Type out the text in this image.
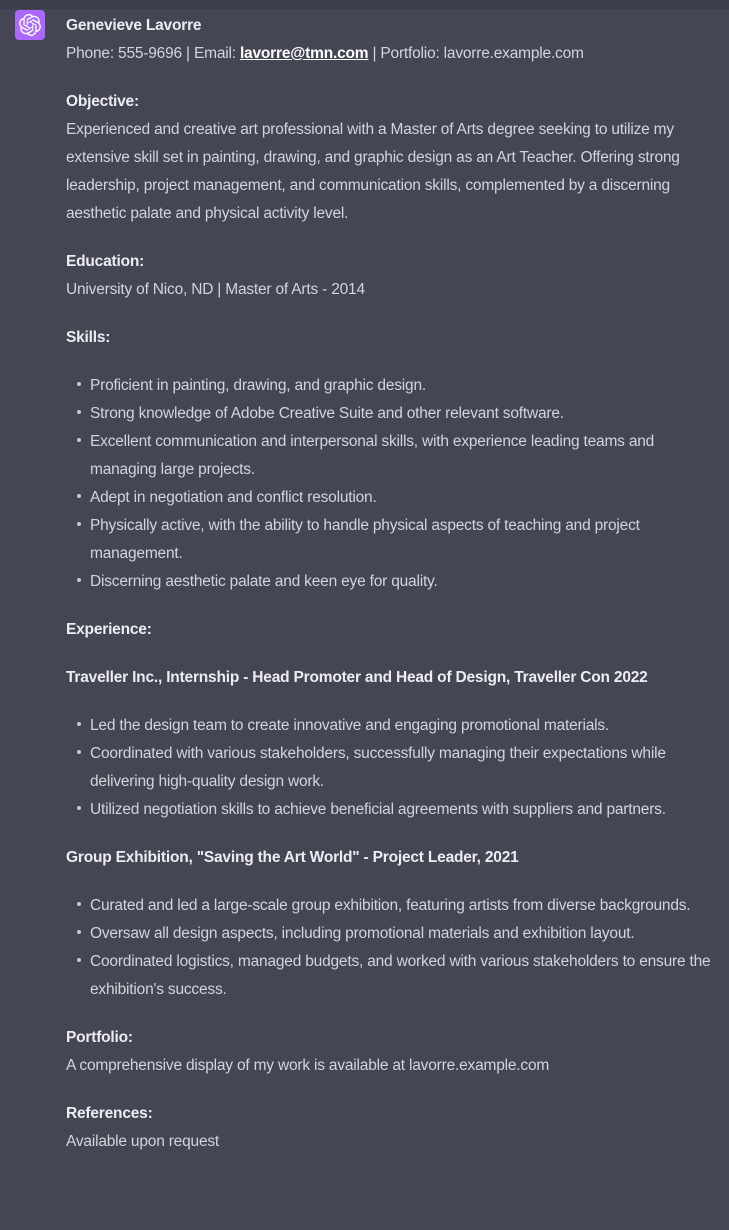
Genevieve Lavorre
Phone: 555-9696 | Email: lavorre@tmn.com | Portfolio: lavorre.example.com
Objective:
Experienced and creative art professional with a Master of Arts degree seeking to utilize my extensive skill set in painting, drawing, and graphic design as an Art Teacher. Offering strong leadership, project management, and communication skills, complemented by a discerning aesthetic palate and physical activity level.
Education:
University of Nico, ND | Master of Arts - 2014
Skills:
Proficient in painting, drawing, and graphic design.
Strong knowledge of Adobe Creative Suite and other relevant software.
Excellent communication and interpersonal skills, with experience leading teams and managing large projects.
Adept in negotiation and conflict resolution.
Physically active, with the ability to handle physical aspects of teaching and project management.
Discerning aesthetic palate and keen eye for quality.
Experience:
Traveller Inc., Internship - Head Promoter and Head of Design, Traveller Con 2022
Led the design team to create innovative and engaging promotional materials.
Coordinated with various stakeholders, successfully managing their expectations while delivering high-quality design work.
Utilized negotiation skills to achieve beneficial agreements with suppliers and partners.
Group Exhibition, "Saving the Art World" - Project Leader, 2021
Curated and led a large-scale group exhibition, featuring artists from diverse backgrounds.
Oversaw all design aspects, including promotional materials and exhibition layout.
Coordinated logistics, managed budgets, and worked with various stakeholders to ensure the exhibition's success.
Portfolio:
A comprehensive display of my work is available at lavorre.example.com
References:
Available upon request
